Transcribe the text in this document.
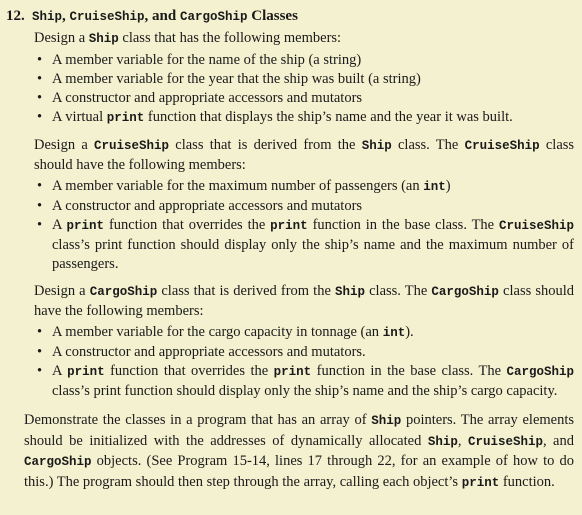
12. Ship, CruiseShip, and CargoShip Classes

Design a Ship class that has the following members:

• A member variable for the name of the ship (a string)
• A member variable for the year that the ship was built (a string)
• A constructor and appropriate accessors and mutators
• A virtual print function that displays the ship’s name and the year it was built.

Design a CruiseShip class that is derived from the Ship class. The CruiseShip class should have the following members:

• A member variable for the maximum number of passengers (an int)
• A constructor and appropriate accessors and mutators
• A print function that overrides the print function in the base class. The CruiseShip class’s print function should display only the ship’s name and the maximum number of passengers.

Design a CargoShip class that is derived from the Ship class. The CargoShip class should have the following members:

• A member variable for the cargo capacity in tonnage (an int).
• A constructor and appropriate accessors and mutators.
• A print function that overrides the print function in the base class. The CargoShip class’s print function should display only the ship’s name and the ship’s cargo capacity.

Demonstrate the classes in a program that has an array of Ship pointers. The array elements should be initialized with the addresses of dynamically allocated Ship, CruiseShip, and CargoShip objects. (See Program 15-14, lines 17 through 22, for an example of how to do this.) The program should then step through the array, calling each object’s print function.
